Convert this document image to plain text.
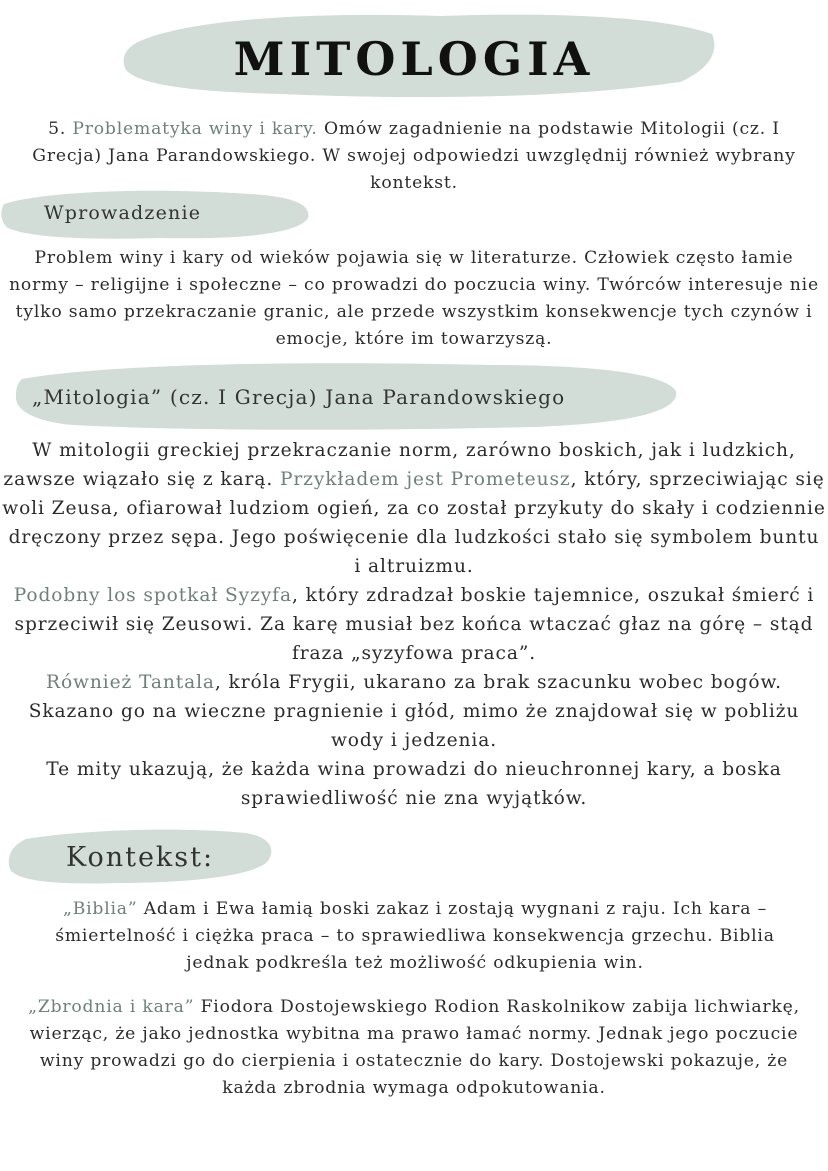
MITOLOGIA
5. Problematyka winy i kary. Omów zagadnienie na podstawie Mitologii (cz. I Grecja) Jana Parandowskiego. W swojej odpowiedzi uwzględnij również wybrany kontekst.
Wprowadzenie
Problem winy i kary od wieków pojawia się w literaturze. Człowiek często łamie normy – religijne i społeczne – co prowadzi do poczucia winy. Twórców interesuje nie tylko samo przekraczanie granic, ale przede wszystkim konsekwencje tych czynów i emocje, które im towarzyszą.
„Mitologia” (cz. I Grecja) Jana Parandowskiego
W mitologii greckiej przekraczanie norm, zarówno boskich, jak i ludzkich, zawsze wiązało się z karą. Przykładem jest Prometeusz, który, sprzeciwiając się woli Zeusa, ofiarował ludziom ogień, za co został przykuty do skały i codziennie dręczony przez sępa. Jego poświęcenie dla ludzkości stało się symbolem buntu i altruizmu.
Podobny los spotkał Syzyfa, który zdradzał boskie tajemnice, oszukał śmierć i sprzeciwił się Zeusowi. Za karę musiał bez końca wtaczać głaz na górę – stąd fraza „syzyfowa praca”.
Również Tantala, króla Frygii, ukarano za brak szacunku wobec bogów. Skazano go na wieczne pragnienie i głód, mimo że znajdował się w pobliżu wody i jedzenia.
Te mity ukazują, że każda wina prowadzi do nieuchronnej kary, a boska sprawiedliwość nie zna wyjątków.
Kontekst:
„Biblia” Adam i Ewa łamią boski zakaz i zostają wygnani z raju. Ich kara – śmiertelność i ciężka praca – to sprawiedliwa konsekwencja grzechu. Biblia jednak podkreśla też możliwość odkupienia win.
„Zbrodnia i kara” Fiodora Dostojewskiego Rodion Raskolnikow zabija lichwiarkę, wierząc, że jako jednostka wybitna ma prawo łamać normy. Jednak jego poczucie winy prowadzi go do cierpienia i ostatecznie do kary. Dostojewski pokazuje, że każda zbrodnia wymaga odpokutowania.
